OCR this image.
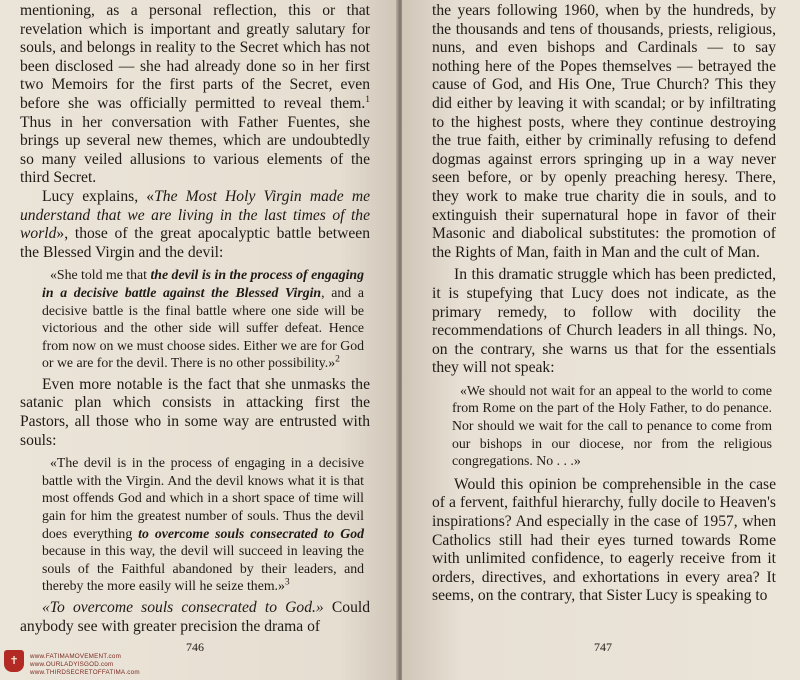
mentioning, as a personal reflection, this or that revelation which is important and greatly salutary for souls, and belongs in reality to the Secret which has not been disclosed — she had already done so in her first two Memoirs for the first parts of the Secret, even before she was officially permitted to reveal them.$^1$ Thus in her conversation with Father Fuentes, she brings up several new themes, which are undoubtedly so many veiled allusions to various elements of the third Secret.

Lucy explains, «The Most Holy Virgin made me understand that we are living in the last times of the world», those of the great apocalyptic battle between the Blessed Virgin and the devil:

«She told me that the devil is in the process of engaging in a decisive battle against the Blessed Virgin, and a decisive battle is the final battle where one side will be victorious and the other side will suffer defeat. Hence from now on we must choose sides. Either we are for God or we are for the devil. There is no other possibility.»$^2$

Even more notable is the fact that she unmasks the satanic plan which consists in attacking first the Pastors, all those who in some way are entrusted with souls:

«The devil is in the process of engaging in a decisive battle with the Virgin. And the devil knows what it is that most offends God and which in a short space of time will gain for him the greatest number of souls. Thus the devil does everything to overcome souls consecrated to God because in this way, the devil will succeed in leaving the souls of the Faithful abandoned by their leaders, and thereby the more easily will he seize them.»$^3$

«To overcome souls consecrated to God.» Could anybody see with greater precision the drama of

746
✝	www.FATIMAMOVEMENT.com
www.OURLADYISGOD.com
www.THIRDSECRETOFFATIMA.com

the years following 1960, when by the hundreds, by the thousands and tens of thousands, priests, religious, nuns, and even bishops and Cardinals — to say nothing here of the Popes themselves — betrayed the cause of God, and His One, True Church? This they did either by leaving it with scandal; or by infiltrating to the highest posts, where they continue destroying the true faith, either by criminally refusing to defend dogmas against errors springing up in a way never seen before, or by openly preaching heresy. There, they work to make true charity die in souls, and to extinguish their supernatural hope in favor of their Masonic and diabolical substitutes: the promotion of the Rights of Man, faith in Man and the cult of Man.

In this dramatic struggle which has been predicted, it is stupefying that Lucy does not indicate, as the primary remedy, to follow with docility the recommendations of Church leaders in all things. No, on the contrary, she warns us that for the essentials they will not speak:

«We should not wait for an appeal to the world to come from Rome on the part of the Holy Father, to do penance. Nor should we wait for the call to penance to come from our bishops in our diocese, nor from the religious congregations. No . . .»

Would this opinion be comprehensible in the case of a fervent, faithful hierarchy, fully docile to Heaven's inspirations? And especially in the case of 1957, when Catholics still had their eyes turned towards Rome with unlimited confidence, to eagerly receive from it orders, directives, and exhortations in every area? It seems, on the contrary, that Sister Lucy is speaking to

747
